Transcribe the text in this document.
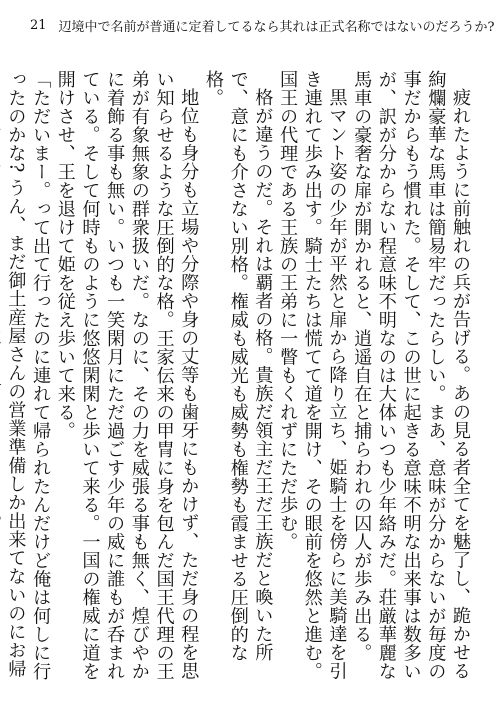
21 辺境中で名前が普通に定着してるなら其れは正式名称ではないのだろうか?

疲れたように前触れの兵が告げる。あの見る者全てを魅了し、跪かせる絢爛豪華な馬車は簡易牢だったらしい。まあ、意味が分からないが毎度の事だからもう慣れた。そして、この世に起きる意味不明な出来事は数多いが、訳が分からない程意味不明なのは大体いつも少年絡みだ。荘厳華麗な馬車の豪奢な扉が開かれると、逍遥自在と捕らわれの囚人が歩み出る。

黒マント姿の少年が平然と扉から降り立ち、姫騎士を傍らに美騎達を引き連れて歩み出す。騎士たちは慌てて道を開け、その眼前を悠然と進む。国王の代理である王族の王弟に一瞥もくれずにただ歩む。

格が違うのだ。それは覇者の格。貴族だ領主だ王だ王族だと喚いた所で、意にも介さない別格。権威も威光も威勢も権勢も霞ませる圧倒的な格。

地位も身分も立場や分際や身の丈等も歯牙にもかけず、ただ身の程を思い知らせるような圧倒的な格。王家伝来の甲冑に身を包んだ国王代理の王弟が有象無象の群衆扱いだ。なのに、その力を威張る事も無く、煌びやかに着飾る事も無い。いつも一笑閑月にただ過ごす少年の威に誰もが呑まれている。そして何時ものように悠悠閑閑と歩いて来る。一国の権威に道を開けさせ、王を退けて姫を従え歩いて来る。

「ただいまー。って出て行ったのに連れて帰られたんだけど俺は何しに行ったのかな? うん、まだ御土産屋さんの営業準備しか出来てないのにお帰
